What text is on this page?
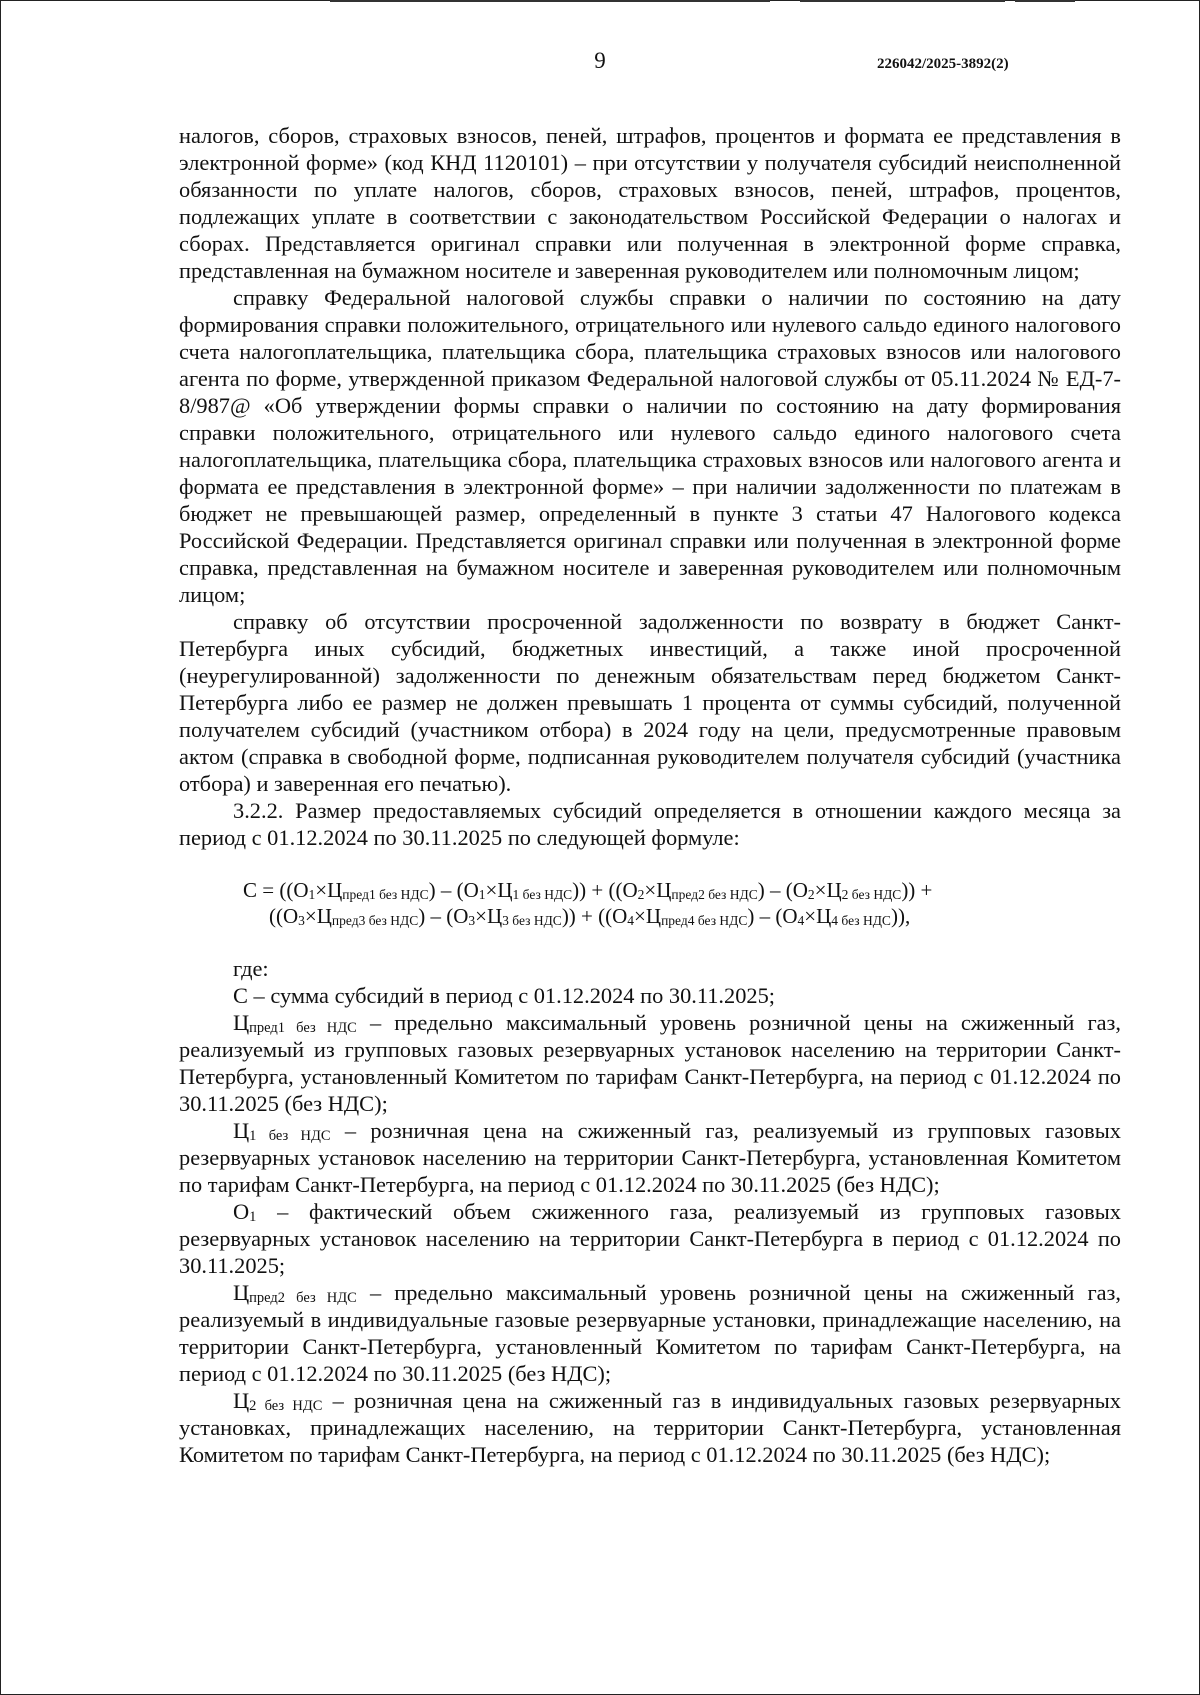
9	226042/2025-3892(2)

налогов, сборов, страховых взносов, пеней, штрафов, процентов и формата ее представления в электронной форме» (код КНД 1120101) – при отсутствии у получателя субсидий неисполненной обязанности по уплате налогов, сборов, страховых взносов, пеней, штрафов, процентов, подлежащих уплате в соответствии с законодательством Российской Федерации о налогах и сборах. Представляется оригинал справки или полученная в электронной форме справка, представленная на бумажном носителе и заверенная руководителем или полномочным лицом;

справку Федеральной налоговой службы справки о наличии по состоянию на дату формирования справки положительного, отрицательного или нулевого сальдо единого налогового счета налогоплательщика, плательщика сбора, плательщика страховых взносов или налогового агента по форме, утвержденной приказом Федеральной налоговой службы от 05.11.2024 № ЕД-7-8/987@ «Об утверждении формы справки о наличии по состоянию на дату формирования справки положительного, отрицательного или нулевого сальдо единого налогового счета налогоплательщика, плательщика сбора, плательщика страховых взносов или налогового агента и формата ее представления в электронной форме» – при наличии задолженности по платежам в бюджет не превышающей размер, определенный в пункте 3 статьи 47 Налогового кодекса Российской Федерации. Представляется оригинал справки или полученная в электронной форме справка, представленная на бумажном носителе и заверенная руководителем или полномочным лицом;

справку об отсутствии просроченной задолженности по возврату в бюджет Санкт-Петербурга иных субсидий, бюджетных инвестиций, а также иной просроченной (неурегулированной) задолженности по денежным обязательствам перед бюджетом Санкт-Петербурга либо ее размер не должен превышать 1 процента от суммы субсидий, полученной получателем субсидий (участником отбора) в 2024 году на цели, предусмотренные правовым актом (справка в свободной форме, подписанная руководителем получателя субсидий (участника отбора) и заверенная его печатью).

3.2.2. Размер предоставляемых субсидий определяется в отношении каждого месяца за период с 01.12.2024 по 30.11.2025 по следующей формуле:

$С = ((О_1\times Ц_{пред1 без НДС}) - (О_1\times Ц_{1 без НДС})) + ((О_2\times Ц_{пред2 без НДС}) - (О_2\times Ц_{2 без НДС}))$ +
$((О_3\times Ц_{пред3 без НДС}) - (О_3\times Ц_{3 без НДС})) + ((О_4\times Ц_{пред4 без НДС}) - (О_4\times Ц_{4 без НДС}))$,

где:

С – сумма субсидий в период с 01.12.2024 по 30.11.2025;

$Ц_{пред1 без НДС}$ – предельно максимальный уровень розничной цены на сжиженный газ, реализуемый из групповых газовых резервуарных установок населению на территории Санкт-Петербурга, установленный Комитетом по тарифам Санкт-Петербурга, на период с 01.12.2024 по 30.11.2025 (без НДС);

$Ц_{1 без НДС}$ – розничная цена на сжиженный газ, реализуемый из групповых газовых резервуарных установок населению на территории Санкт-Петербурга, установленная Комитетом по тарифам Санкт-Петербурга, на период с 01.12.2024 по 30.11.2025 (без НДС);

$О_1$ – фактический объем сжиженного газа, реализуемый из групповых газовых резервуарных установок населению на территории Санкт-Петербурга в период с 01.12.2024 по 30.11.2025;

$Ц_{пред2 без НДС}$ – предельно максимальный уровень розничной цены на сжиженный газ, реализуемый в индивидуальные газовые резервуарные установки, принадлежащие населению, на территории Санкт-Петербурга, установленный Комитетом по тарифам Санкт-Петербурга, на период с 01.12.2024 по 30.11.2025 (без НДС);

$Ц_{2 без НДС}$ – розничная цена на сжиженный газ в индивидуальных газовых резервуарных установках, принадлежащих населению, на территории Санкт-Петербурга, установленная Комитетом по тарифам Санкт-Петербурга, на период с 01.12.2024 по 30.11.2025 (без НДС);
